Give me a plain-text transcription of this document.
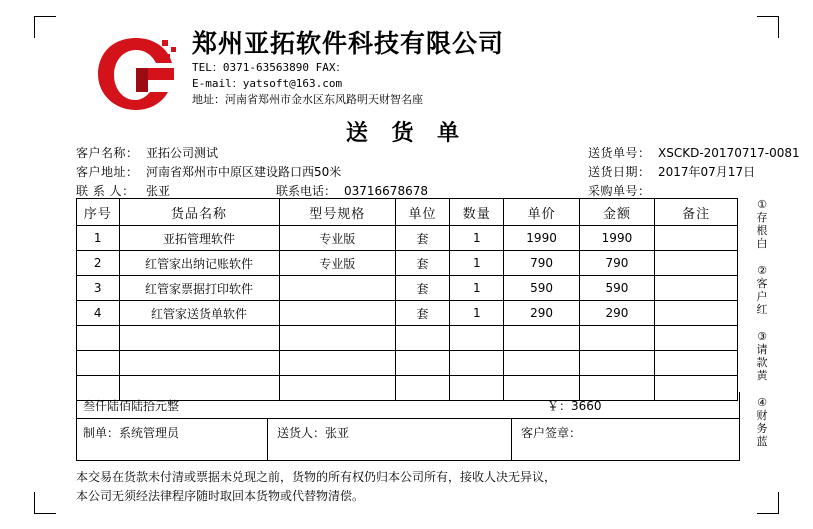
郑州亚拓软件科技有限公司
TEL：0371-63563890 FAX：
E-mail：yatsoft@163.com
地址：河南省郑州市金水区东风路明天财智名座
送 货 单
客户名称： 亚拓公司测试	送货单号： XSCKD-20170717-0081
客户地址： 河南省郑州市中原区建设路口西50米	送货日期： 2017年07月17日
联 系 人： 张亚	联系电话： 03716678678	采购单号：
序号	货品名称	型号规格	单位	数量	单价	金额	备注
1	亚拓管理软件	专业版	套	1	1990	1990	
2	红管家出纳记账软件	专业版	套	1	790	790	
3	红管家票据打印软件		套	1	590	590	
4	红管家送货单软件		套	1	290	290	

叁仟陆佰陆拾元整	￥：3660
制单：系统管理员	送货人：张亚	客户签章：
本交易在货款未付清或票据未兑现之前，货物的所有权仍归本公司所有，接收人决无异议，
本公司无须经法律程序随时取回本货物或代替物清偿。
①
存
根
白
②
客
户
红
③
请
款
黄
④
财
务
蓝
